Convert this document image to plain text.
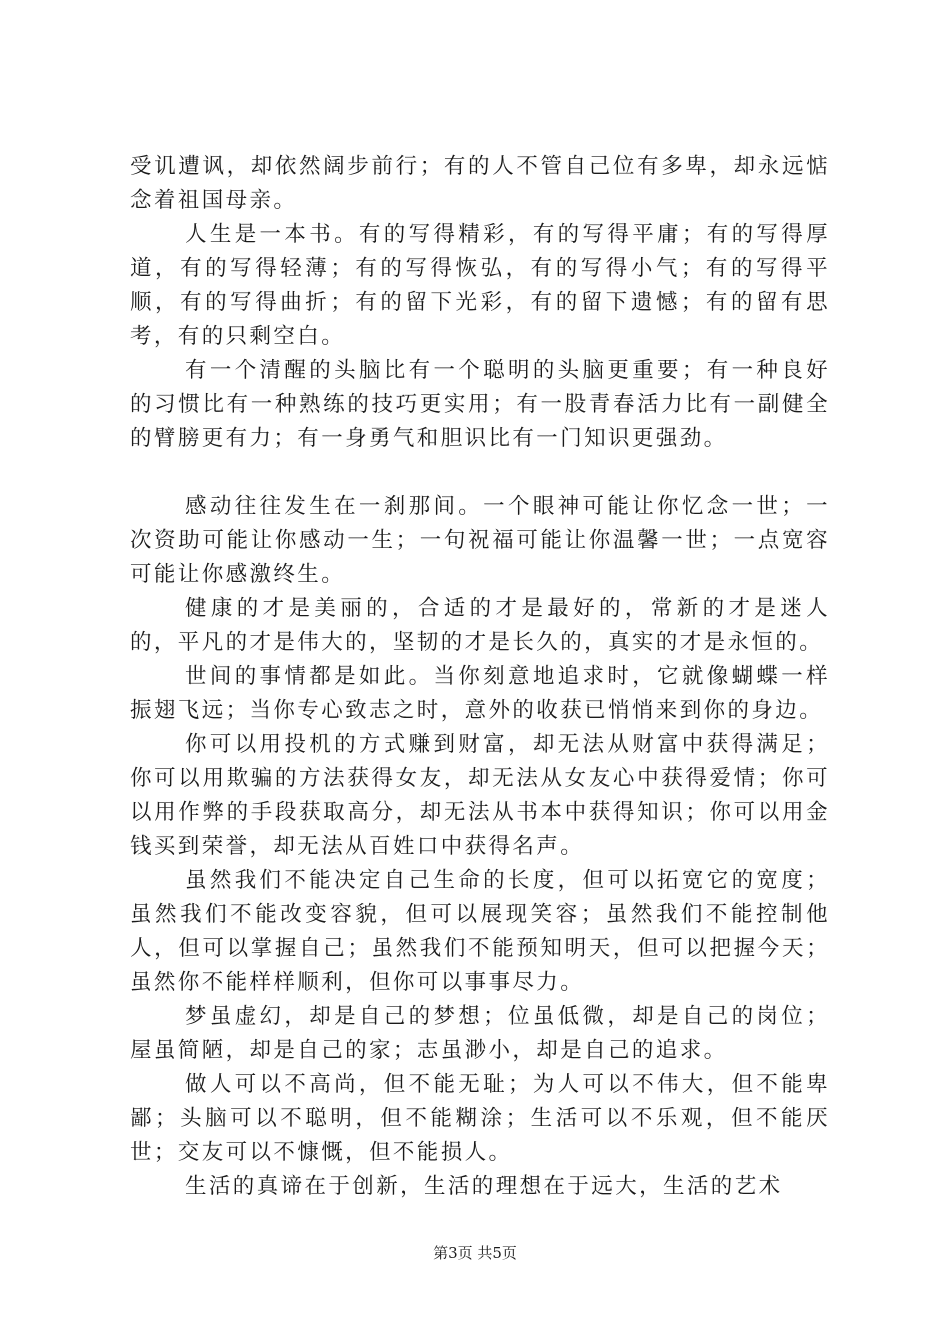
受讥遭讽，却依然阔步前行；有的人不管自己位有多卑，却永远惦念着祖国母亲。

人生是一本书。有的写得精彩，有的写得平庸；有的写得厚道，有的写得轻薄；有的写得恢弘，有的写得小气；有的写得平顺，有的写得曲折；有的留下光彩，有的留下遗憾；有的留有思考，有的只剩空白。

有一个清醒的头脑比有一个聪明的头脑更重要；有一种良好的习惯比有一种熟练的技巧更实用；有一股青春活力比有一副健全的臂膀更有力；有一身勇气和胆识比有一门知识更强劲。

感动往往发生在一刹那间。一个眼神可能让你忆念一世；一次资助可能让你感动一生；一句祝福可能让你温馨一世；一点宽容可能让你感激终生。

健康的才是美丽的，合适的才是最好的，常新的才是迷人的，平凡的才是伟大的，坚韧的才是长久的，真实的才是永恒的。

世间的事情都是如此。当你刻意地追求时，它就像蝴蝶一样振翅飞远；当你专心致志之时，意外的收获已悄悄来到你的身边。

你可以用投机的方式赚到财富，却无法从财富中获得满足；你可以用欺骗的方法获得女友，却无法从女友心中获得爱情；你可以用作弊的手段获取高分，却无法从书本中获得知识；你可以用金钱买到荣誉，却无法从百姓口中获得名声。

虽然我们不能决定自己生命的长度，但可以拓宽它的宽度；虽然我们不能改变容貌，但可以展现笑容；虽然我们不能控制他人，但可以掌握自己；虽然我们不能预知明天，但可以把握今天；虽然你不能样样顺利，但你可以事事尽力。

梦虽虚幻，却是自己的梦想；位虽低微，却是自己的岗位；屋虽简陋，却是自己的家；志虽渺小，却是自己的追求。

做人可以不高尚，但不能无耻；为人可以不伟大，但不能卑鄙；头脑可以不聪明，但不能糊涂；生活可以不乐观，但不能厌世；交友可以不慷慨，但不能损人。

生活的真谛在于创新，生活的理想在于远大，生活的艺术

第3页 共5页
